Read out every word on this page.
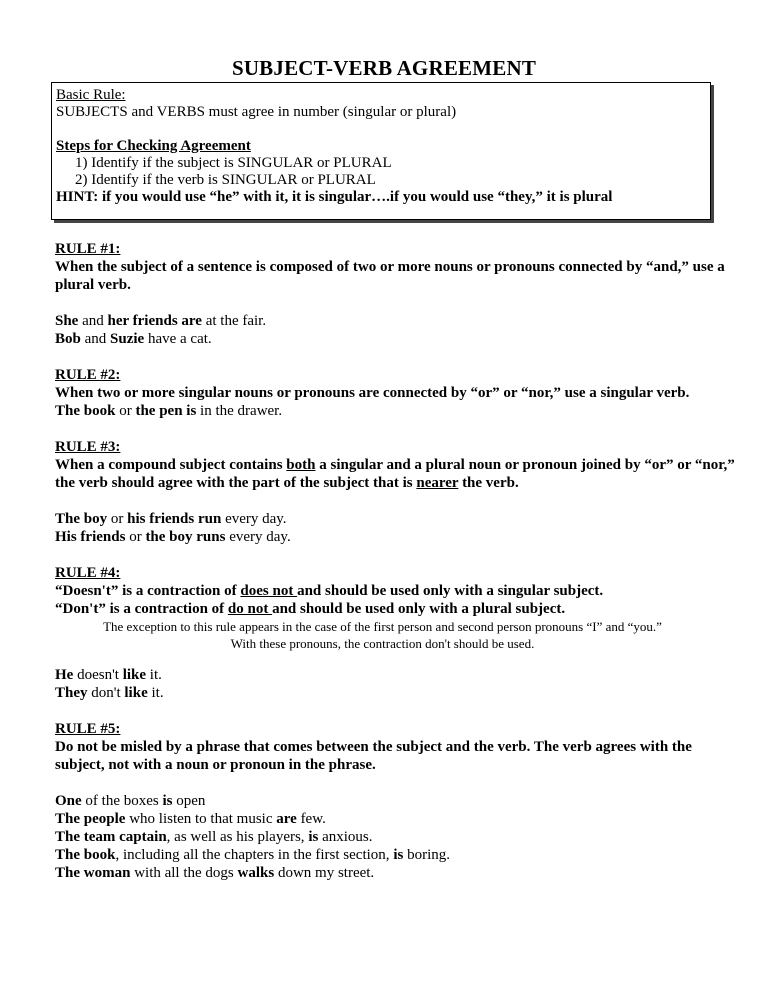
SUBJECT-VERB AGREEMENT
Basic Rule:
SUBJECTS and VERBS must agree in number (singular or plural)
Steps for Checking Agreement
1) Identify if the subject is SINGULAR or PLURAL
2) Identify if the verb is SINGULAR or PLURAL
HINT: if you would use “he” with it, it is singular….if you would use “they,” it is plural
RULE #1:

When the subject of a sentence is composed of two or more nouns or pronouns connected by “and,” use a plural verb.

She and her friends are at the fair.

Bob and Suzie have a cat.

RULE #2:

When two or more singular nouns or pronouns are connected by “or” or “nor,” use a singular verb.

The book or the pen is in the drawer.

RULE #3:

When a compound subject contains both a singular and a plural noun or pronoun joined by “or” or “nor,” the verb should agree with the part of the subject that is nearer the verb.

The boy or his friends run every day.

His friends or the boy runs every day.

RULE #4:

“Doesn't” is a contraction of does not and should be used only with a singular subject.

“Don't” is a contraction of do not and should be used only with a plural subject.

The exception to this rule appears in the case of the first person and second person pronouns “I” and “you.”
With these pronouns, the contraction don't should be used.

He doesn't like it.

They don't like it.

RULE #5:

Do not be misled by a phrase that comes between the subject and the verb. The verb agrees with the subject, not with a noun or pronoun in the phrase.

One of the boxes is open

The people who listen to that music are few.

The team captain, as well as his players, is anxious.

The book, including all the chapters in the first section, is boring.

The woman with all the dogs walks down my street.
